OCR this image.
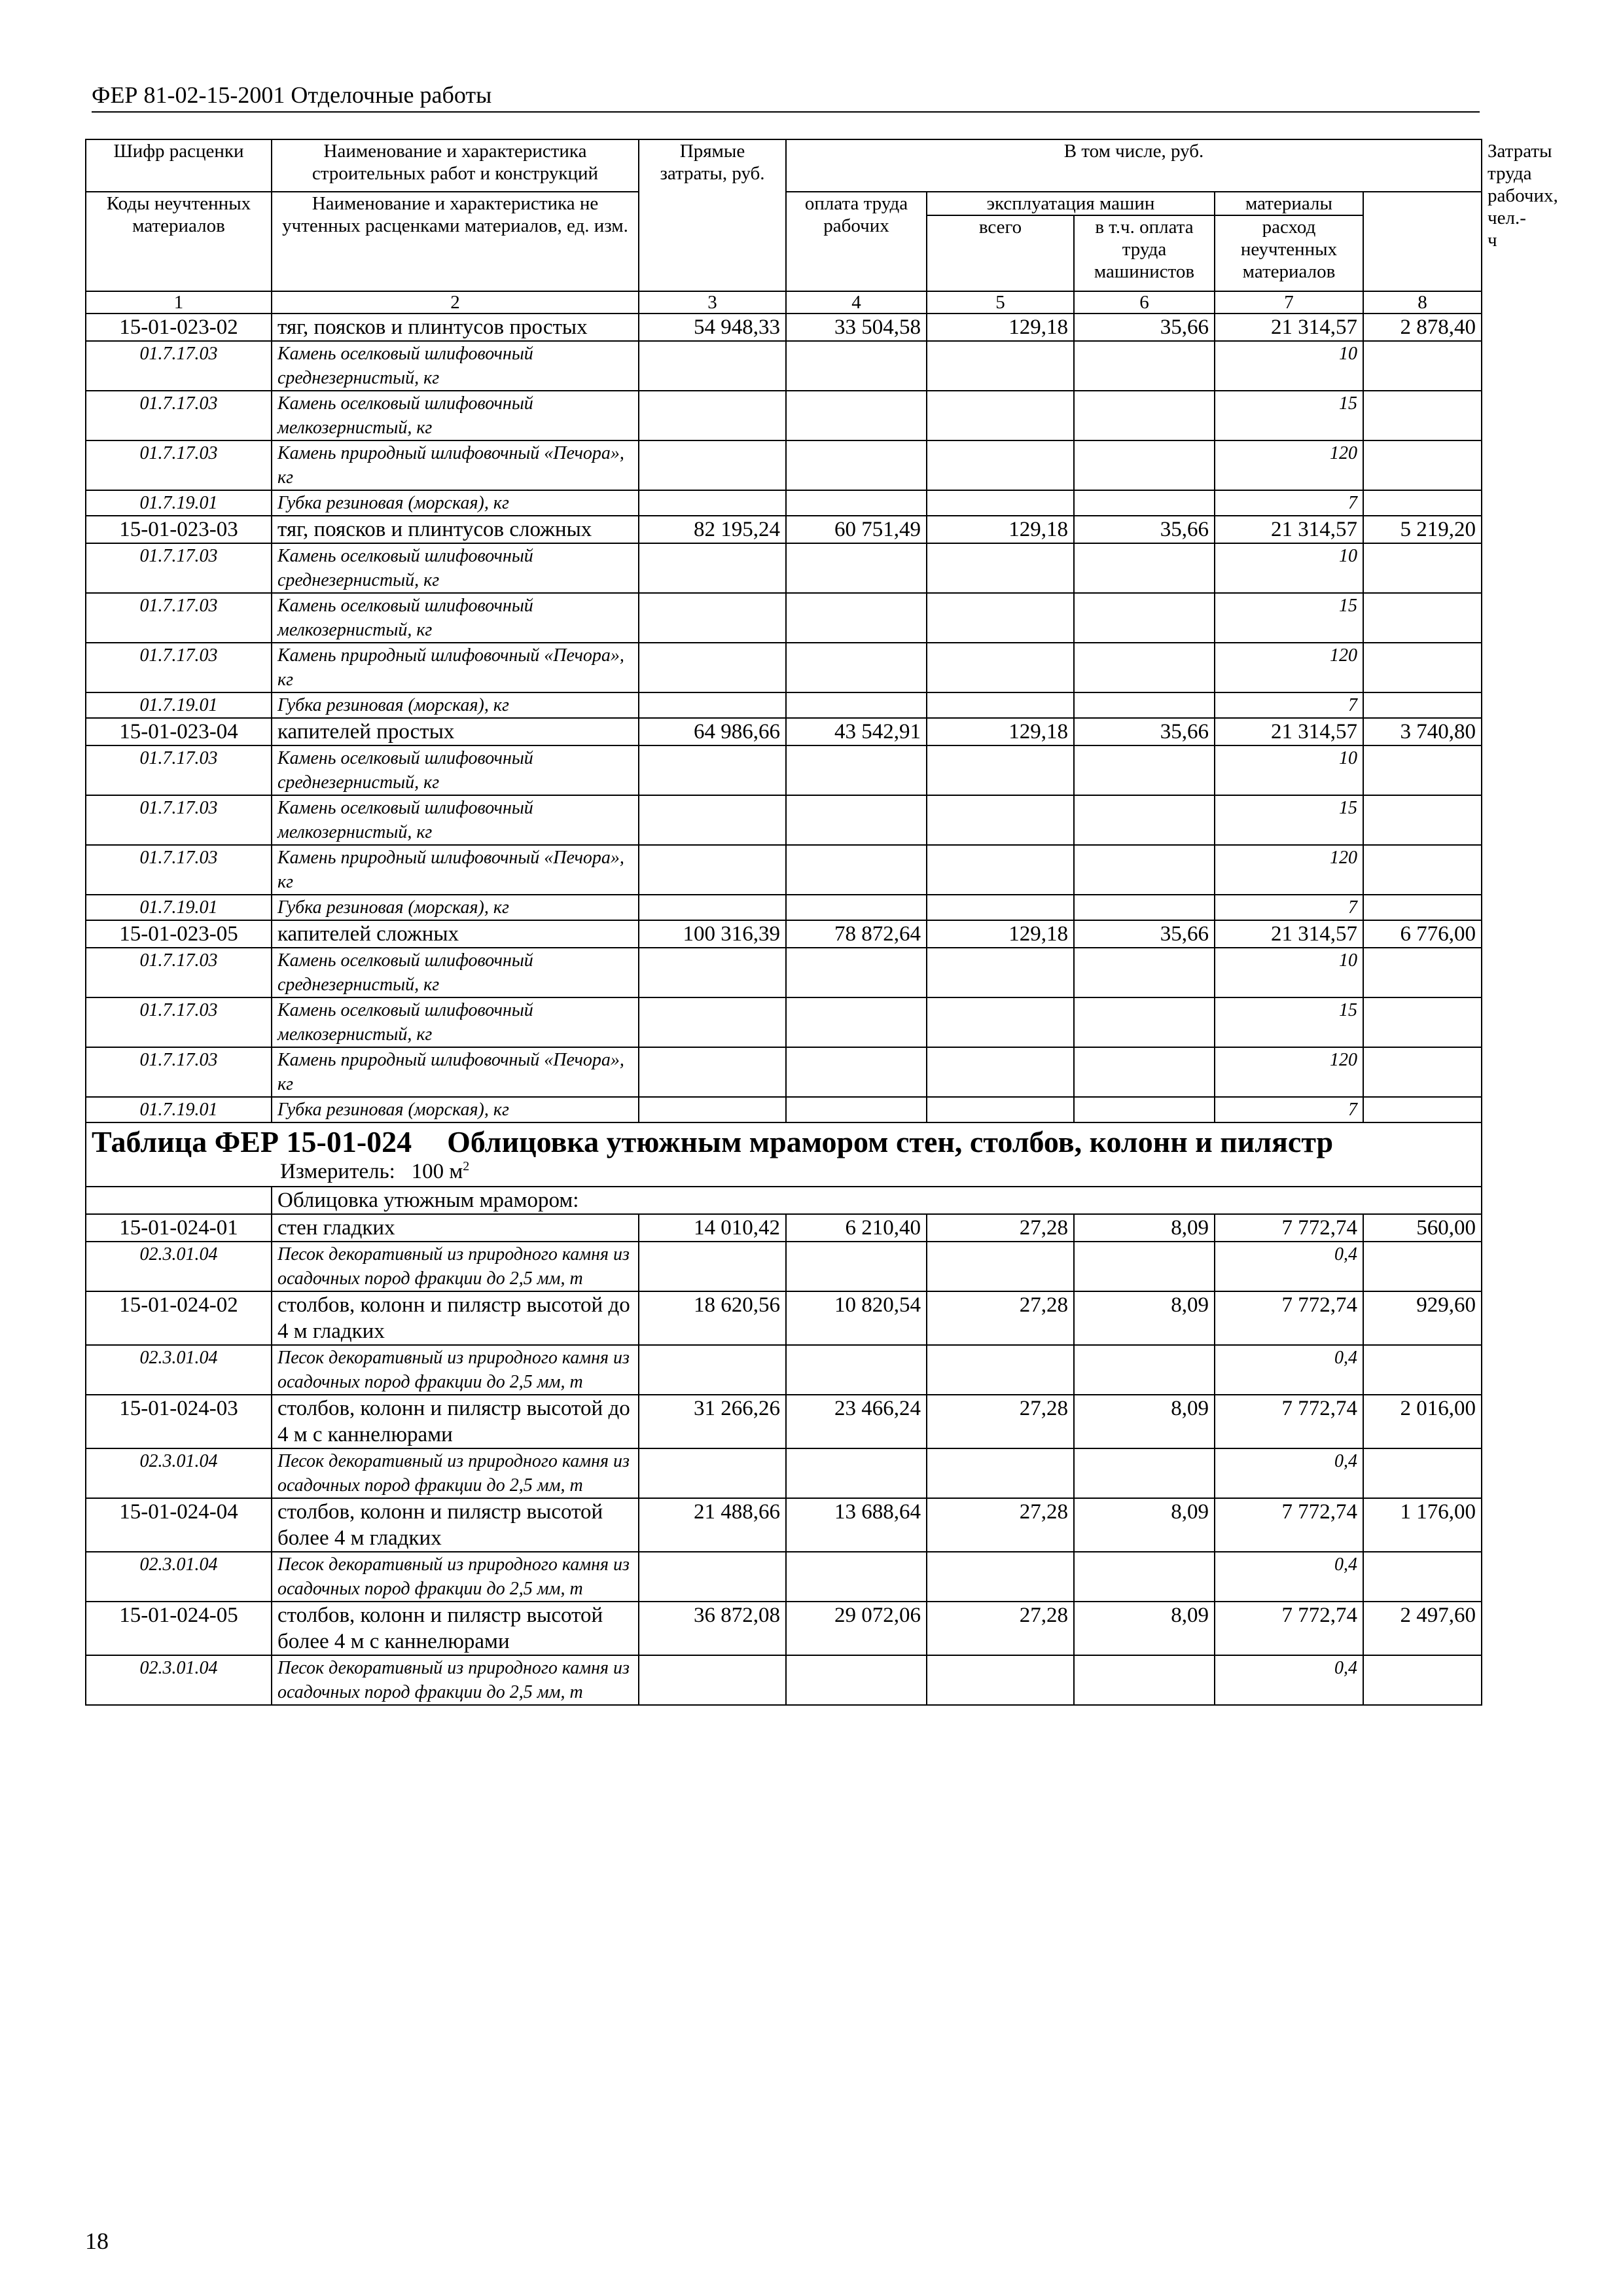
ФЕР 81-02-15-2001 Отделочные работы
Шифр расценки	Наименование и характеристика строительных работ и конструкций	Прямые затраты, руб.	В том числе, руб.					Затраты труда рабочих, чел.-ч
Коды неучтенных материалов	Наименование и характеристика не учтенных расценками материалов, ед. изм.		оплата труда рабочих	эксплуатация машин		материалы		
				всего	в т.ч. оплата труда машинистов	расход неучтенных материалов		
1	2	3	4	5	6	7	8	
15-01-023-02	тяг, поясков и плинтусов простых	54 948,33	33 504,58	129,18	35,66	21 314,57	2 878,40	
01.7.17.03	Камень оселковый шлифовочный среднезернистый, кг					10		
01.7.17.03	Камень оселковый шлифовочный мелкозернистый, кг					15		
01.7.17.03	Камень природный шлифовочный «Печора», кг					120		
01.7.19.01	Губка резиновая (морская), кг					7		
15-01-023-03	тяг, поясков и плинтусов сложных	82 195,24	60 751,49	129,18	35,66	21 314,57	5 219,20	
01.7.17.03	Камень оселковый шлифовочный среднезернистый, кг					10		
01.7.17.03	Камень оселковый шлифовочный мелкозернистый, кг					15		
01.7.17.03	Камень природный шлифовочный «Печора», кг					120		
01.7.19.01	Губка резиновая (морская), кг					7		
15-01-023-04	капителей простых	64 986,66	43 542,91	129,18	35,66	21 314,57	3 740,80	
01.7.17.03	Камень оселковый шлифовочный среднезернистый, кг					10		
01.7.17.03	Камень оселковый шлифовочный мелкозернистый, кг					15		
01.7.17.03	Камень природный шлифовочный «Печора», кг					120		
01.7.19.01	Губка резиновая (морская), кг					7		
15-01-023-05	капителей сложных	100 316,39	78 872,64	129,18	35,66	21 314,57	6 776,00	
01.7.17.03	Камень оселковый шлифовочный среднезернистый, кг					10		
01.7.17.03	Камень оселковый шлифовочный мелкозернистый, кг					15		
01.7.17.03	Камень природный шлифовочный «Печора», кг					120		
01.7.19.01	Губка резиновая (морская), кг					7		
Таблица ФЕР 15-01-024 Облицовка утюжным мрамором стен, столбов, колонн и пилястр								
Измеритель: 100 $м^2$
	Облицовка утюжным мрамором:							
15-01-024-01	стен гладких	14 010,42	6 210,40	27,28	8,09	7 772,74	560,00	
02.3.01.04	Песок декоративный из природного камня из осадочных пород фракции до 2,5 мм, т					0,4		
15-01-024-02	столбов, колонн и пилястр высотой до 4 м гладких	18 620,56	10 820,54	27,28	8,09	7 772,74	929,60	
02.3.01.04	Песок декоративный из природного камня из осадочных пород фракции до 2,5 мм, т					0,4		
15-01-024-03	столбов, колонн и пилястр высотой до 4 м с каннелюрами	31 266,26	23 466,24	27,28	8,09	7 772,74	2 016,00	
02.3.01.04	Песок декоративный из природного камня из осадочных пород фракции до 2,5 мм, т					0,4		
15-01-024-04	столбов, колонн и пилястр высотой более 4 м гладких	21 488,66	13 688,64	27,28	8,09	7 772,74	1 176,00	
02.3.01.04	Песок декоративный из природного камня из осадочных пород фракции до 2,5 мм, т					0,4		
15-01-024-05	столбов, колонн и пилястр высотой более 4 м с каннелюрами	36 872,08	29 072,06	27,28	8,09	7 772,74	2 497,60	
02.3.01.04	Песок декоративный из природного камня из осадочных пород фракции до 2,5 мм, т					0,4		
18
